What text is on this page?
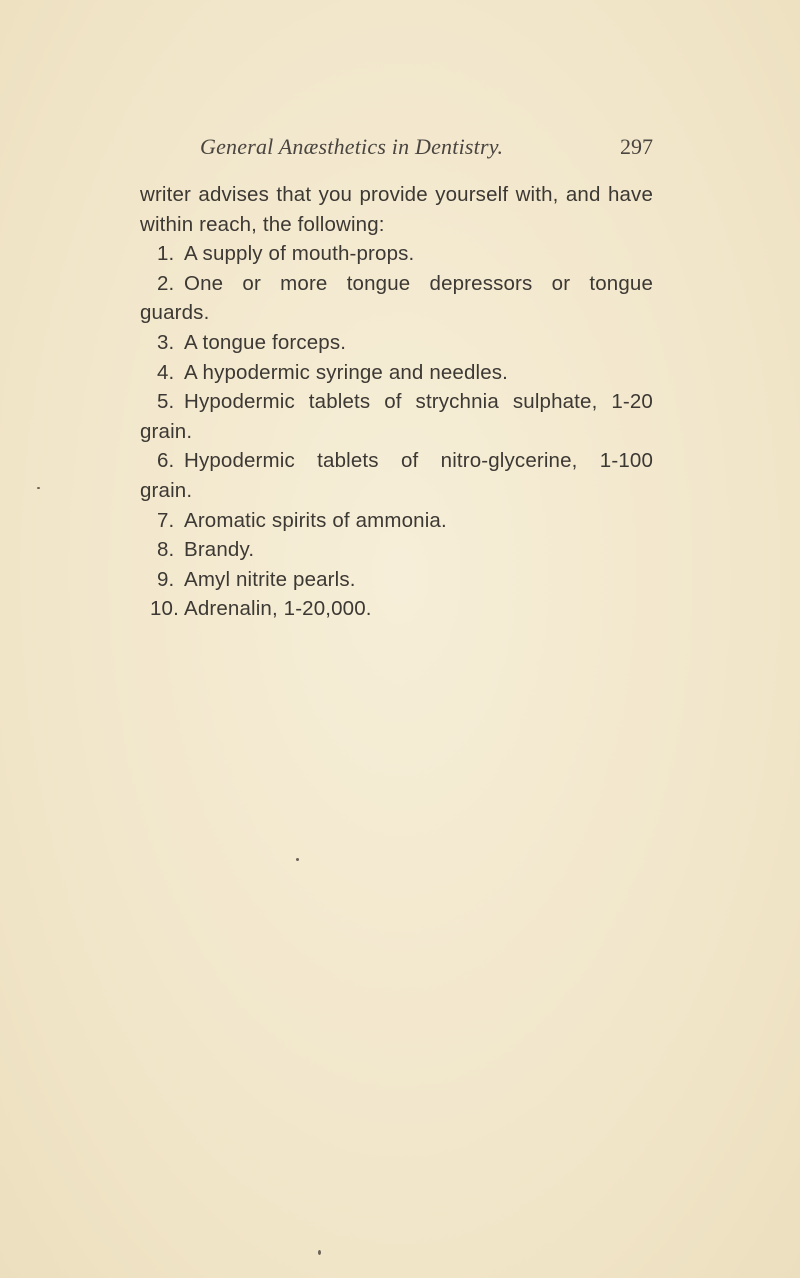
General Anæsthetics in Dentistry.	297
writer advises that you provide yourself with, and have
within reach, the following:
1. A supply of mouth-props.
2. One or more tongue depressors or tongue
guards.
3. A tongue forceps.
4. A hypodermic syringe and needles.
5. Hypodermic tablets of strychnia sulphate, 1-20
grain.
6. Hypodermic tablets of nitro-glycerine, 1-100
grain.
7. Aromatic spirits of ammonia.
8. Brandy.
9. Amyl nitrite pearls.
10. Adrenalin, 1-20,000.
